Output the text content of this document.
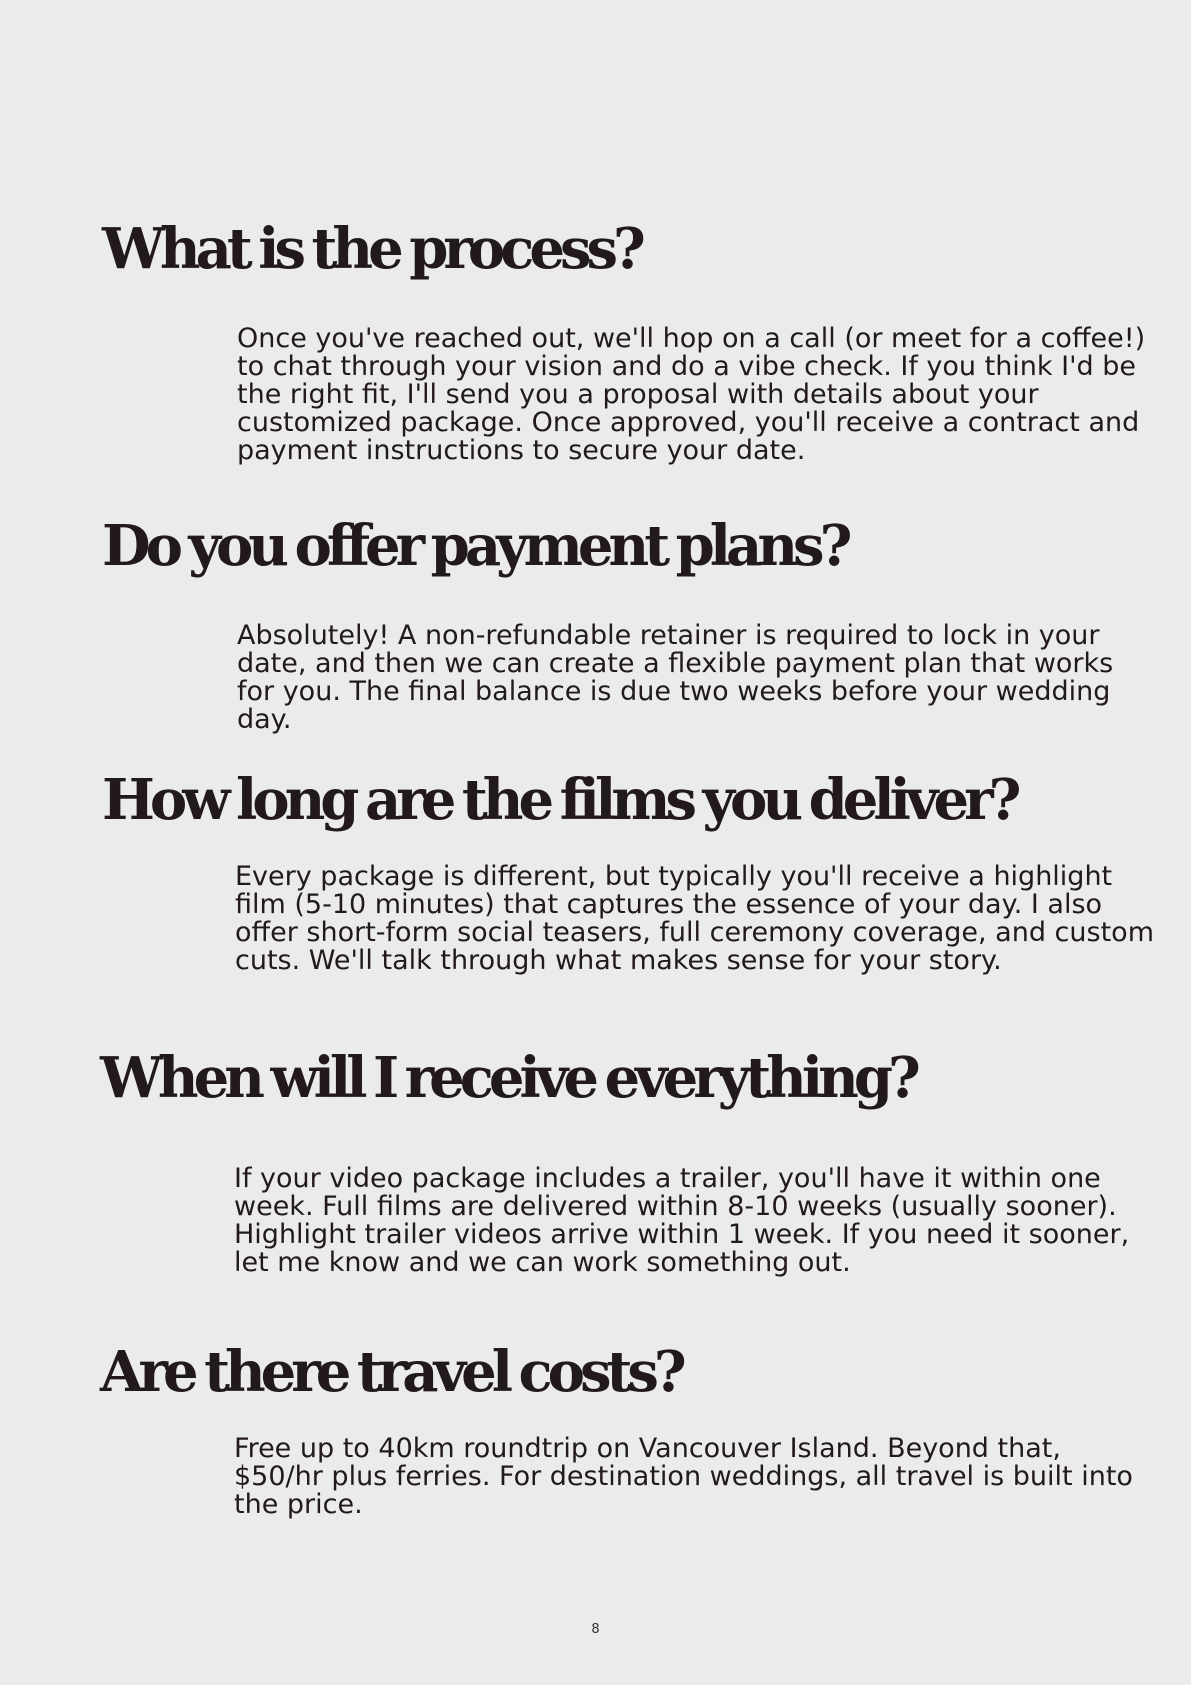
What is the process?

Once you've reached out, we'll hop on a call (or meet for a coffee!) to chat through your vision and do a vibe check. If you think I'd be the right fit, I'll send you a proposal with details about your customized package. Once approved, you'll receive a contract and payment instructions to secure your date.

Do you offer payment plans?

Absolutely! A non-refundable retainer is required to lock in your date, and then we can create a flexible payment plan that works for you. The final balance is due two weeks before your wedding day.

How long are the films you deliver?

Every package is different, but typically you'll receive a highlight film (5-10 minutes) that captures the essence of your day. I also offer short-form social teasers, full ceremony coverage, and custom cuts. We'll talk through what makes sense for your story.

When will I receive everything?

If your video package includes a trailer, you'll have it within one week. Full films are delivered within 8-10 weeks (usually sooner). Highlight trailer videos arrive within 1 week. If you need it sooner, let me know and we can work something out.

Are there travel costs?

Free up to 40km roundtrip on Vancouver Island. Beyond that, $50/hr plus ferries. For destination weddings, all travel is built into the price.

8
